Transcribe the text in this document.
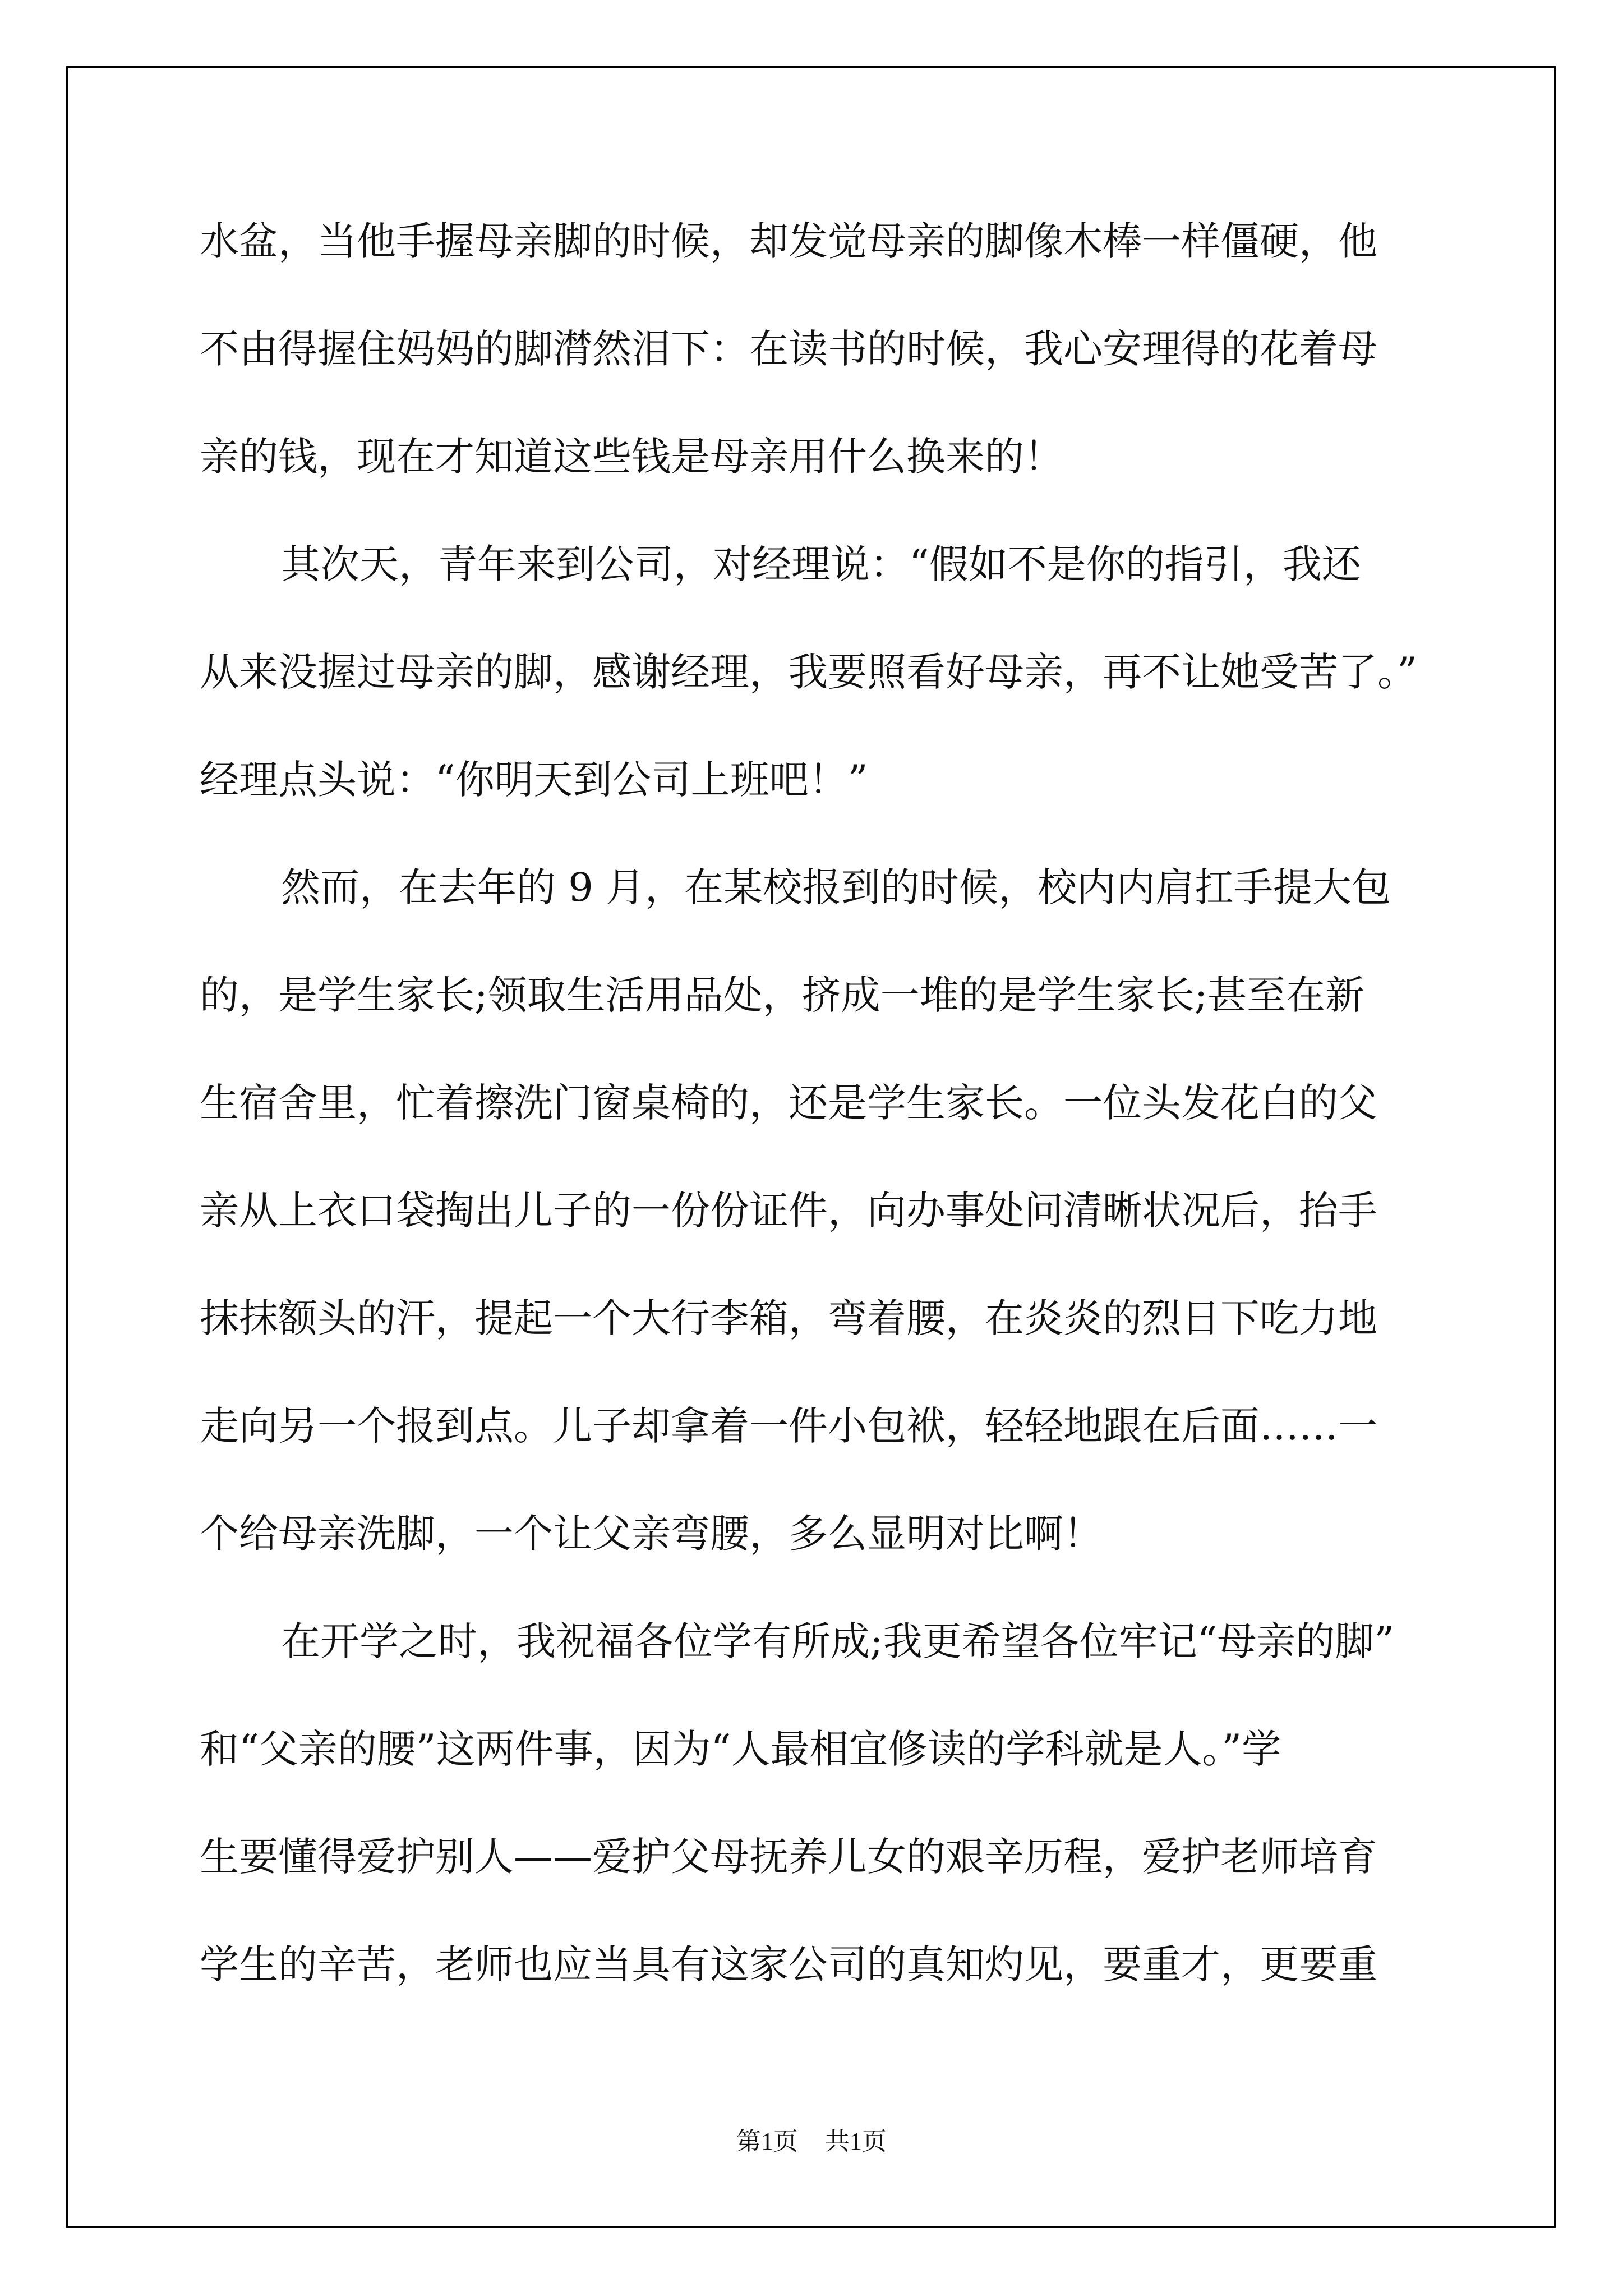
水盆，当他手握母亲脚的时候，却发觉母亲的脚像木棒一样僵硬，他
不由得握住妈妈的脚潸然泪下：在读书的时候，我心安理得的花着母
亲的钱，现在才知道这些钱是母亲用什么换来的！
其次天，青年来到公司，对经理说：“假如不是你的指引，我还
从来没握过母亲的脚，感谢经理，我要照看好母亲，再不让她受苦了。”
经理点头说：“你明天到公司上班吧！”
然而，在去年的 9 月，在某校报到的时候，校内内肩扛手提大包
的，是学生家长;领取生活用品处，挤成一堆的是学生家长;甚至在新
生宿舍里，忙着擦洗门窗桌椅的，还是学生家长。一位头发花白的父
亲从上衣口袋掏出儿子的一份份证件，向办事处问清晰状况后，抬手
抹抹额头的汗，提起一个大行李箱，弯着腰，在炎炎的烈日下吃力地
走向另一个报到点。儿子却拿着一件小包袱，轻轻地跟在后面……一
个给母亲洗脚，一个让父亲弯腰，多么显明对比啊！
在开学之时，我祝福各位学有所成;我更希望各位牢记“母亲的脚”
和“父亲的腰”这两件事，因为“人最相宜修读的学科就是人。”学
生要懂得爱护别人——爱护父母抚养儿女的艰辛历程，爱护老师培育
学生的辛苦，老师也应当具有这家公司的真知灼见，要重才，更要重
第1页 共1页
